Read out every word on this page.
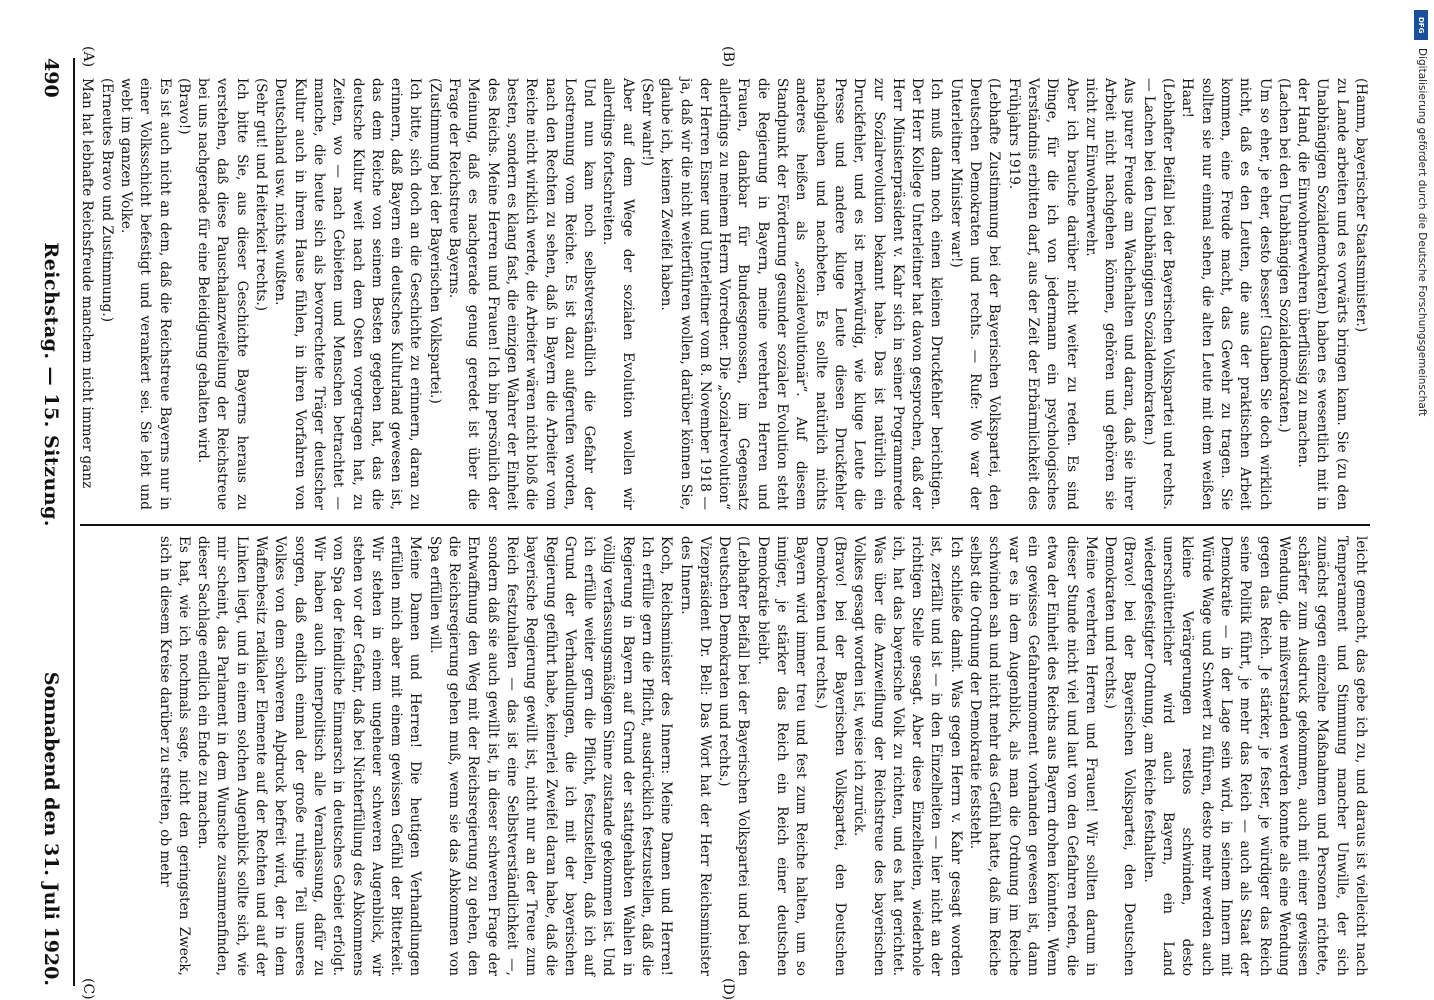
490
Reichstag. — 15. Sitzung.
Sonnabend den 31. Juli 1920.
(A)	(B)
(C)	(D)
(Hamm, bayerischer Staatsminister.)
zu Lande arbeiten und es vorwärts bringen kann. Sie (zu den Unabhängigen Sozialdemokraten) haben es wesentlich mit in der Hand, die Einwohnerwehren überflüssig zu machen.
(Lachen bei den Unabhängigen Sozialdemokraten.)
Um so eher, je eher, desto besser! Glauben Sie doch wirklich nicht, daß es den Leuten, die aus der praktischen Arbeit kommen, eine Freude macht, das Gewehr zu tragen. Sie sollten sie nur einmal sehen, die alten Leute mit dem weißen Haar!
(Lebhafter Beifall bei der Bayerischen Volkspartei und rechts. — Lachen bei den Unabhängigen Sozialdemokraten.)
Aus purer Freude am Wachehalten und daran, daß sie ihrer Arbeit nicht nachgehen können, gehören und gehören sie nicht zur Einwohnerwehr.
Aber ich brauche darüber nicht weiter zu reden. Es sind Dinge, für die ich von jedermann ein psychologisches Verständnis erbitten darf, aus der Zeit der Erbärmlichkeit des Frühjahrs 1919.
(Lebhafte Zustimmung bei der Bayerischen Volkspartei, den Deutschen Demokraten und rechts. — Rufe: Wo war der Unterleitner Minister war!)
Ich muß dann noch einen kleinen Druckfehler berichtigen. Der Herr Kollege Unterleitner hat davon gesprochen, daß der Herr Ministerpräsident v. Kahr sich in seiner Programmrede zur Sozialrevolution bekannt habe. Das ist natürlich ein Druckfehler, und es ist merkwürdig, wie kluge Leute die Presse und andere kluge Leute diesen Druckfehler nachglauben und nachbeten. Es sollte natürlich nichts anderes heißen als „sozialevolutionär“. Auf diesem Standpunkt der Förderung gesunder sozialer Evolution steht die Regierung in Bayern, meine verehrten Herren und Frauen, dankbar für Bundesgenossen, im Gegensatz allerdings zu meinem Herrn Vorredner. Die „Sozialrevolution“ der Herren Eisner und Unterleitner vom 8. November 1918 — ja, daß wir die nicht weiterführen wollen, darüber können Sie, glaube ich, keinen Zweifel haben.
(Sehr wahr!)
Aber auf dem Wege der sozialen Evolution wollen wir allerdings fortschreiten.
Und nun kam noch selbstverständlich die Gefahr der Lostrennung vom Reiche. Es ist dazu aufgerufen worden, nach den Rechten zu sehen, daß in Bayern die Arbeiter vom Reiche nicht wirklich werde, die Arbeiter wären nicht bloß die besten, sondern es klang fast, die einzigen Wahrer der Einheit des Reichs. Meine Herren und Frauen! Ich bin persönlich der Meinung, daß es nachgerade genug geredet ist über die Frage der Reichstreue Bayerns.
(Zustimmung bei der Bayerischen Volkspartei.)
Ich bitte, sich doch an die Geschichte zu erinnern, daran zu erinnern, daß Bayern ein deutsches Kulturland gewesen ist, das dem Reiche von seinem Besten gegeben hat, das die deutsche Kultur weit nach dem Osten vorgetragen hat, zu Zeiten, wo — nach Gebieten und Menschen betrachtet — manche, die heute sich als bevorrechtete Träger deutscher Kultur auch in ihrem Hause fühlen, in ihren Vorfahren von Deutschland usw. nichts wußten.
(Sehr gut! und Heiterkeit rechts.)
Ich bitte Sie, aus dieser Geschichte Bayerns heraus zu verstehen, daß diese Pauschalanzweifelung der Reichstreue bei uns nachgerade für eine Beleidigung gehalten wird.
(Bravo!)
Es ist auch nicht an dem, daß die Reichstreue Bayerns nur in einer Volksschicht befestigt und verankert sei. Sie lebt und webt im ganzen Volke.
(Erneutes Bravo und Zustimmung.)
Man hat lebhafte Reichsfreude manchem nicht immer ganz
leicht gemacht, das gebe ich zu, und daraus ist vielleicht nach Temperament und Stimmung mancher Unwille, der sich zunächst gegen einzelne Maßnahmen und Personen richtete, schärfer zum Ausdruck gekommen, auch mit einer gewissen Wendung, die mißverstanden werden konnte als eine Wendung gegen das Reich. Je stärker, je fester, je würdiger das Reich seine Politik führt, je mehr das Reich — auch als Staat der Demokratie — in der Lage sein wird, in seinem Innern mit Würde Wage und Schwert zu führen, desto mehr werden auch kleine Verärgerungen restlos schwinden, desto unerschütterlicher wird auch Bayern, ein Land wiedergefestigter Ordnung, am Reiche festhalten.
(Bravo! bei der Bayerischen Volkspartei, den Deutschen Demokraten und rechts.)
Meine verehrten Herren und Frauen! Wir sollten darum in dieser Stunde nicht viel und laut von den Gefahren reden, die etwa der Einheit des Reichs aus Bayern drohen könnten. Wenn ein gewisses Gefahrenmoment vorhanden gewesen ist, dann war es in dem Augenblick, als man die Ordnung im Reiche schwinden sah und nicht mehr das Gefühl hatte, daß im Reiche selbst die Ordnung der Demokratie feststeht.
Ich schließe damit. Was gegen Herrn v. Kahr gesagt worden ist, zerfällt und ist — in den Einzelheiten — hier nicht an der richtigen Stelle gesagt. Aber diese Einzelheiten, wiederhole ich, hat das bayerische Volk zu richten, und es hat gerichtet. Was über die Anzweiflung der Reichstreue des bayerischen Volkes gesagt worden ist, weise ich zurück.
(Bravo! bei der Bayerischen Volkspartei, den Deutschen Demokraten und rechts.)
Bayern wird immer treu und fest zum Reiche halten, um so inniger, je stärker das Reich ein Reich einer deutschen Demokratie bleibt.
(Lebhafter Beifall bei der Bayerischen Volkspartei und bei den Deutschen Demokraten und rechts.)
Vizepräsident Dr. Bell: Das Wort hat der Herr Reichsminister des Innern.
Koch, Reichsminister des Innern: Meine Damen und Herren! Ich erfülle gern die Pflicht, ausdrücklich festzustellen, daß die Regierung in Bayern auf Grund der stattgehabten Wahlen in völlig verfassungsmäßigem Sinne zustande gekommen ist. Und ich erfülle weiter gern die Pflicht, festzustellen, daß ich auf Grund der Verhandlungen, die ich mit der bayerischen Regierung geführt habe, keinerlei Zweifel daran habe, daß die bayerische Regierung gewillt ist, nicht nur an der Treue zum Reich festzuhalten — das ist eine Selbstverständlichkeit —, sondern daß sie auch gewillt ist, in dieser schweren Frage der Entwaffnung den Weg mit der Reichsregierung zu gehen, den die Reichsregierung gehen muß, wenn sie das Abkommen von Spa erfüllen will.
Meine Damen und Herren! Die heutigen Verhandlungen erfüllen mich aber mit einem gewissen Gefühl der Bitterkeit. Wir stehen in einem ungeheuer schweren Augenblick, wir stehen vor der Gefahr, daß bei Nichterfüllung des Abkommens von Spa der feindliche Einmarsch in deutsches Gebiet erfolgt. Wir haben auch innerpolitisch alle Veranlassung, dafür zu sorgen, daß endlich einmal der große ruhige Teil unseres Volkes von dem schweren Alpdruck befreit wird, der in dem Waffenbesitz radikaler Elemente auf der Rechten und auf der Linken liegt, und in einem solchen Augenblick sollte sich, wie mir scheint, das Parlament in dem Wunsche zusammenfinden, dieser Sachlage endlich ein Ende zu machen.
Es hat, wie ich nochmals sage, nicht den geringsten Zweck, sich in diesem Kreise darüber zu streiten, ob mehr
DFG
Digitalisierung gefördert durch die Deutsche Forschungsgemeinschaft
